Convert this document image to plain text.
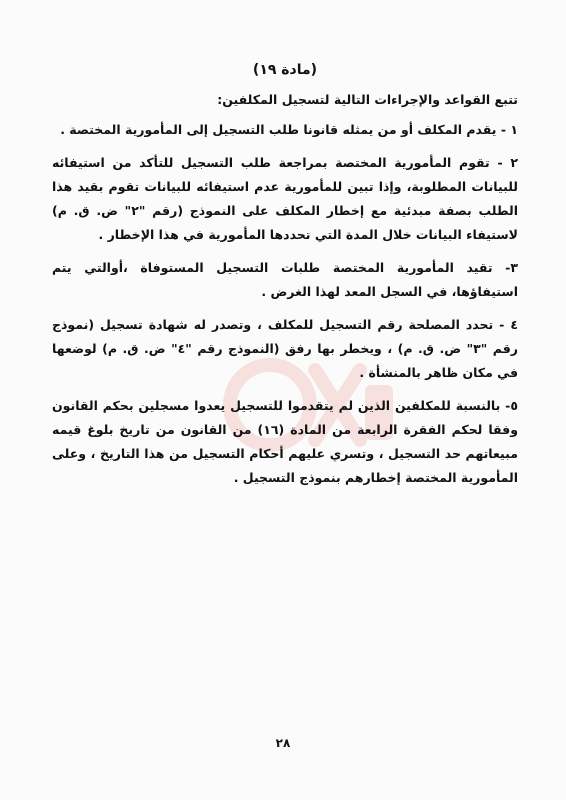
(مادة ١٩)
تتبع القواعد والإجراءات التالية لتسجيل المكلفين:
١ - يقدم المكلف أو من يمثله قانونا طلب التسجيل إلى المأمورية المختصة .
٢ - تقوم المأمورية المختصة بمراجعة طلب التسجيل للتأكد من استيفائه للبيانات المطلوبة، وإذا تبين للمأمورية عدم استيفائه للبيانات تقوم بقيد هذا الطلب بصفة مبدئية مع إخطار المكلف على النموذج (رقم "٢" ض. ق. م) لاستيفاء البيانات خلال المدة التي تحددها المأمورية في هذا الإخطار .
٣- تقيد المأمورية المختصة طلبات التسجيل المستوفاة ،أوالتي يتم استيفاؤها، في السجل المعد لهذا الغرض .
٤ - تحدد المصلحة رقم التسجيل للمكلف ، وتصدر له شهادة تسجيل (نموذج رقم "٣" ض. ق. م) ، ويخطر بها رفق (النموذج رقم "٤" ض. ق. م) لوضعها في مكان ظاهر بالمنشأة .
٥- بالنسبة للمكلفين الذين لم يتقدموا للتسجيل يعدوا مسجلين بحكم القانون وفقا لحكم الفقرة الرابعة من المادة (١٦) من القانون من تاريخ بلوغ قيمه مبيعاتهم حد التسجيل ، وتسري عليهم أحكام التسجيل من هذا التاريخ ، وعلى المأمورية المختصة إخطارهم بنموذج التسجيل .
٢٨
